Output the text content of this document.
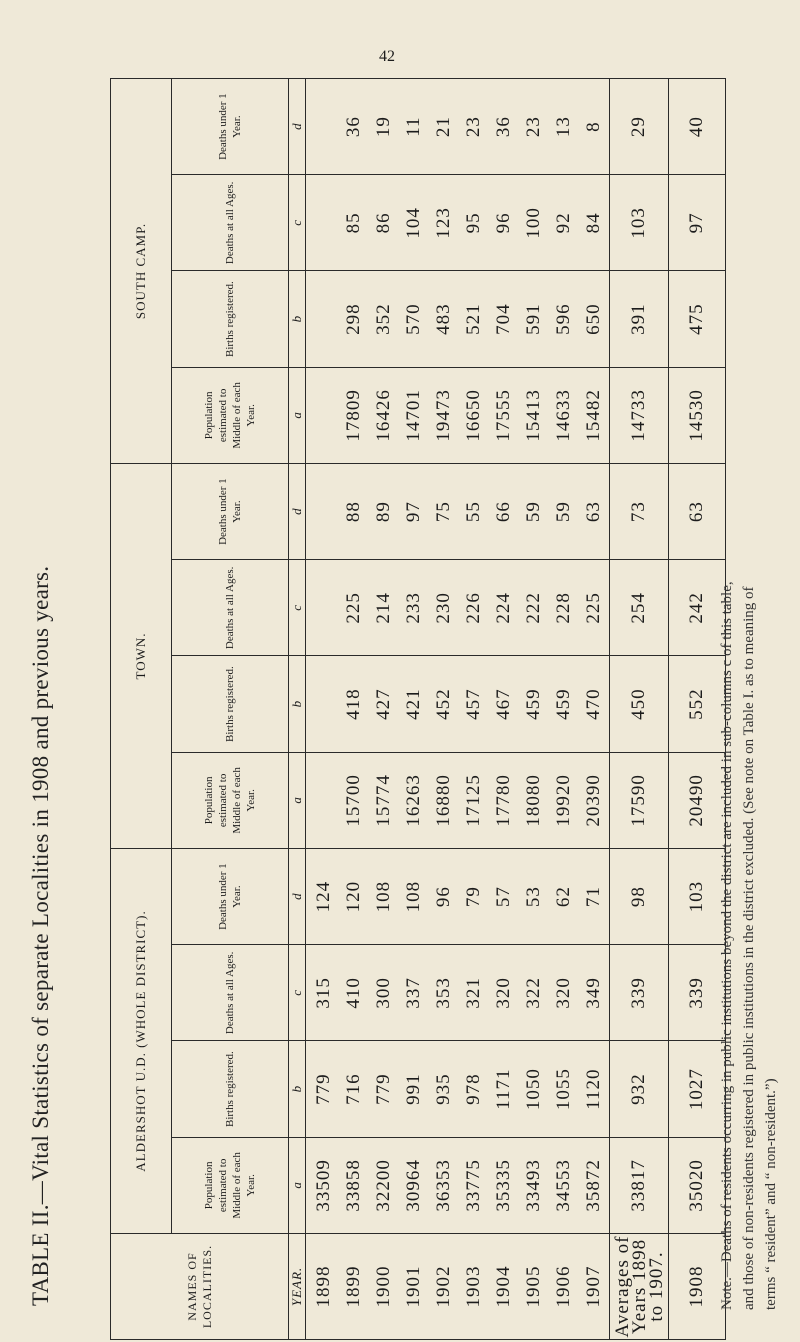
42
TABLE II.—Vital Statistics of separate Localities in 1908 and previous years.	NAMES OF LOCALITIES.	ALDERSHOT U.D. (WHOLE DISTRICT).				TOWN.				SOUTH CAMP.			
	Population estimated to Middle of each Year.	Births registered.	Deaths at all Ages.	Deaths under 1 Year.	Population estimated to Middle of each Year.	Births registered.	Deaths at all Ages.	Deaths under 1 Year.	Population estimated to Middle of each Year.	Births registered.	Deaths at all Ages.	Deaths under 1 Year.
YEAR.	a	b	c	d	a	b	c	d	a	b	c	d
1898	33509	779	315	124								
1899	33858	716	410	120	15700	418	225	88	17809	298	85	36
1900	32200	779	300	108	15774	427	214	89	16426	352	86	19
1901	30964	991	337	108	16263	421	233	97	14701	570	104	11
1902	36353	935	353	96	16880	452	230	75	19473	483	123	21
1903	33775	978	321	79	17125	457	226	55	16650	521	95	23
1904	35335	1171	320	57	17780	467	224	66	17555	704	96	36
1905	33493	1050	322	53	18080	459	222	59	15413	591	100	23
1906	34553	1055	320	62	19920	459	228	59	14633	596	92	13
1907	35872	1120	349	71	20390	470	225	63	15482	650	84	8
Averages of Years 1898 to 1907.	33817	932	339	98	17590	450	254	73	14733	391	103	29
1908	35020	1027	339	103	20490	552	242	63	14530	475	97	40
Note.—Deaths of residents occurring in public institutions beyond the district are included in sub-columns c of this table, and those of non-residents registered in public institutions in the district excluded. (See note on Table I. as to meaning of terms “ resident” and “ non-resident.”)
